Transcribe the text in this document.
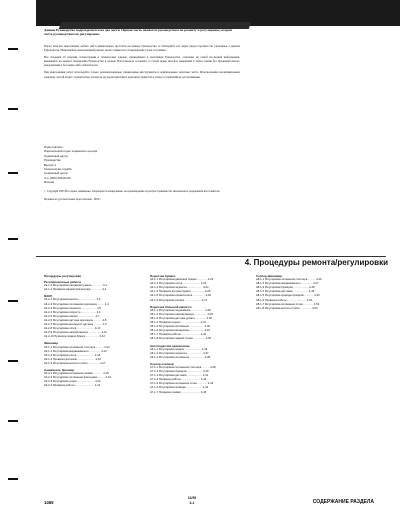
Данное Руководство подразделяется на две части. Первая часть является руководством по ремонту и регулировке; вторая часть руководством по регулировке.

Перед началом выполнения любых работ внимательно прочтите настоящее Руководство и соблюдайте все меры предосторожности, указанные в данном Руководстве. Неправильно выполненный ремонт может привести к повреждению узлов и травмам.

Все сведения об изделии, иллюстрации и технические данные, приведённые в настоящем Руководстве, основаны на самой последней информации, имевшейся на момент подписания Руководства к печати. Изготовитель оставляет за собой право вносить изменения в любое время без предварительного уведомления и без каких-либо обязательств.

При выполнении работ используйте только рекомендованные специальные инструменты и оригинальные запасные части. Использование неоригинальных запасных частей может отрицательно сказаться на характеристиках изделия и привести к отказу в гарантийном обслуживании.

Подготовлено:
Издательский отдел сервисного центра
Сервисный центр
Руководство
Выпуск 1
Техническая служба
Сервисный центр
тел. (000) 000-00-00
Япония

© Copyright 1993 Все права защищены. Запрещается копирование, воспроизведение и распространение без письменного разрешения изготовителя.

Издание на русском языке подготовлено, 1993 г.

4. Процедуры ремонта/регулировки
Процедуры регулировки
Регулировочные работы
A2-1-1 Регулировка натяжения ремня .............. 4-1
A2-1-2 Проверка параметров выхода .............. 4-2
DADF
A2-2-1 Регулировка высоты ...................... 4-3
A2-2-2 Регулировка положения оригинала ......... 4-4
A2-2-3 Регулировка перекоса .................... 4-5
A2-2-4 Регулировка скорости .................... 4-6
A2-2-5 Регулировка зазора ...................... 4-7
A2-2-6 Регулировка датчика оригинала ........... 4-8
A2-2-7 Регулировка выходного датчика ........... 4-9
A2-2-8 Регулировка лотка ....................... 4-10
A2-2-9 Регулировка направляющих ................ 4-11
A2-2-10 Проверка подачи бумаги ................. 4-12
Финишёр
A3-1-1 Регулировка положения степлера .......... 4-13
A3-1-2 Регулировка выравнивателя ............... 4-14
A3-1-3 Регулировка лотка ....................... 4-15
A3-1-4 Проверка датчиков ....................... 4-16
A3-1-5 Регулировка высоты стопки ............... 4-17
Сшиватель брошюр
A3-2-1 Регулировка положения сшивки ............ 4-18
A3-2-2 Регулировка положения фальцовки ......... 4-19
A3-2-3 Регулировка упора ....................... 4-20
A3-2-4 Проверка работы ......................... 4-21
Податчик бумаги
A4-1-1 Регулировка давления подачи ............. 4-22
A4-1-2 Регулировка лотка ....................... 4-23
A4-1-3 Регулировка перекоса .................... 4-24
A4-1-4 Проверка датчика бумаги ................. 4-25
A4-1-5 Регулировка ограничителя ................ 4-26
A4-1-6 Регулировка ролика ...................... 4-27
Податчик большой ёмкости
A5-1-1 Регулировка подъёмника .................. 4-28
A5-1-2 Регулировка направляющих ................ 4-29
A5-1-3 Регулировка датчика уровня .............. 4-30
A5-1-4 Проверка подачи ......................... 4-31
A5-1-5 Регулировка положения ................... 4-32
A5-1-6 Регулировка механизма ................... 4-33
A5-1-7 Проверка работы ......................... 4-34
A5-1-8 Регулировка задней стенки ............... 4-35
Автоподатчик оригиналов
A6-1-1 Регулировка подачи ...................... 4-36
A6-1-2 Регулировка перекоса .................... 4-37
A6-1-3 Регулировка положения ................... 4-38
Сортер-степлер
A7-1-1 Регулировка положения степлера .......... 4-39
A7-1-2 Регулировка бункеров .................... 4-40
A7-1-3 Регулировка датчиков .................... 4-41
A7-1-4 Проверка работы ......................... 4-42
A7-1-5 Регулировка положения лотка ............. 4-43
A7-1-6 Регулировка привода ..................... 4-44
A7-1-7 Проверка сшивки ......................... 4-45
Сортер-финишёр
A8-1-1 Регулировка положения степлера .......... 4-46
A8-1-2 Регулировка выравнивателя ............... 4-47
A8-1-3 Регулировка бункеров .................... 4-48
A8-1-4 Регулировка датчиков .................... 4-49
A8-1-5 Регулировка привода бункеров ............ 4-50
A8-1-6 Проверка работы ......................... 4-51
A8-1-7 Регулировка положения лотка ............. 4-52
A8-1-8 Регулировка высоты стопки ............... 4-53
1465
11/95
4-1	СОДЕРЖАНИЕ РАЗДЕЛА
